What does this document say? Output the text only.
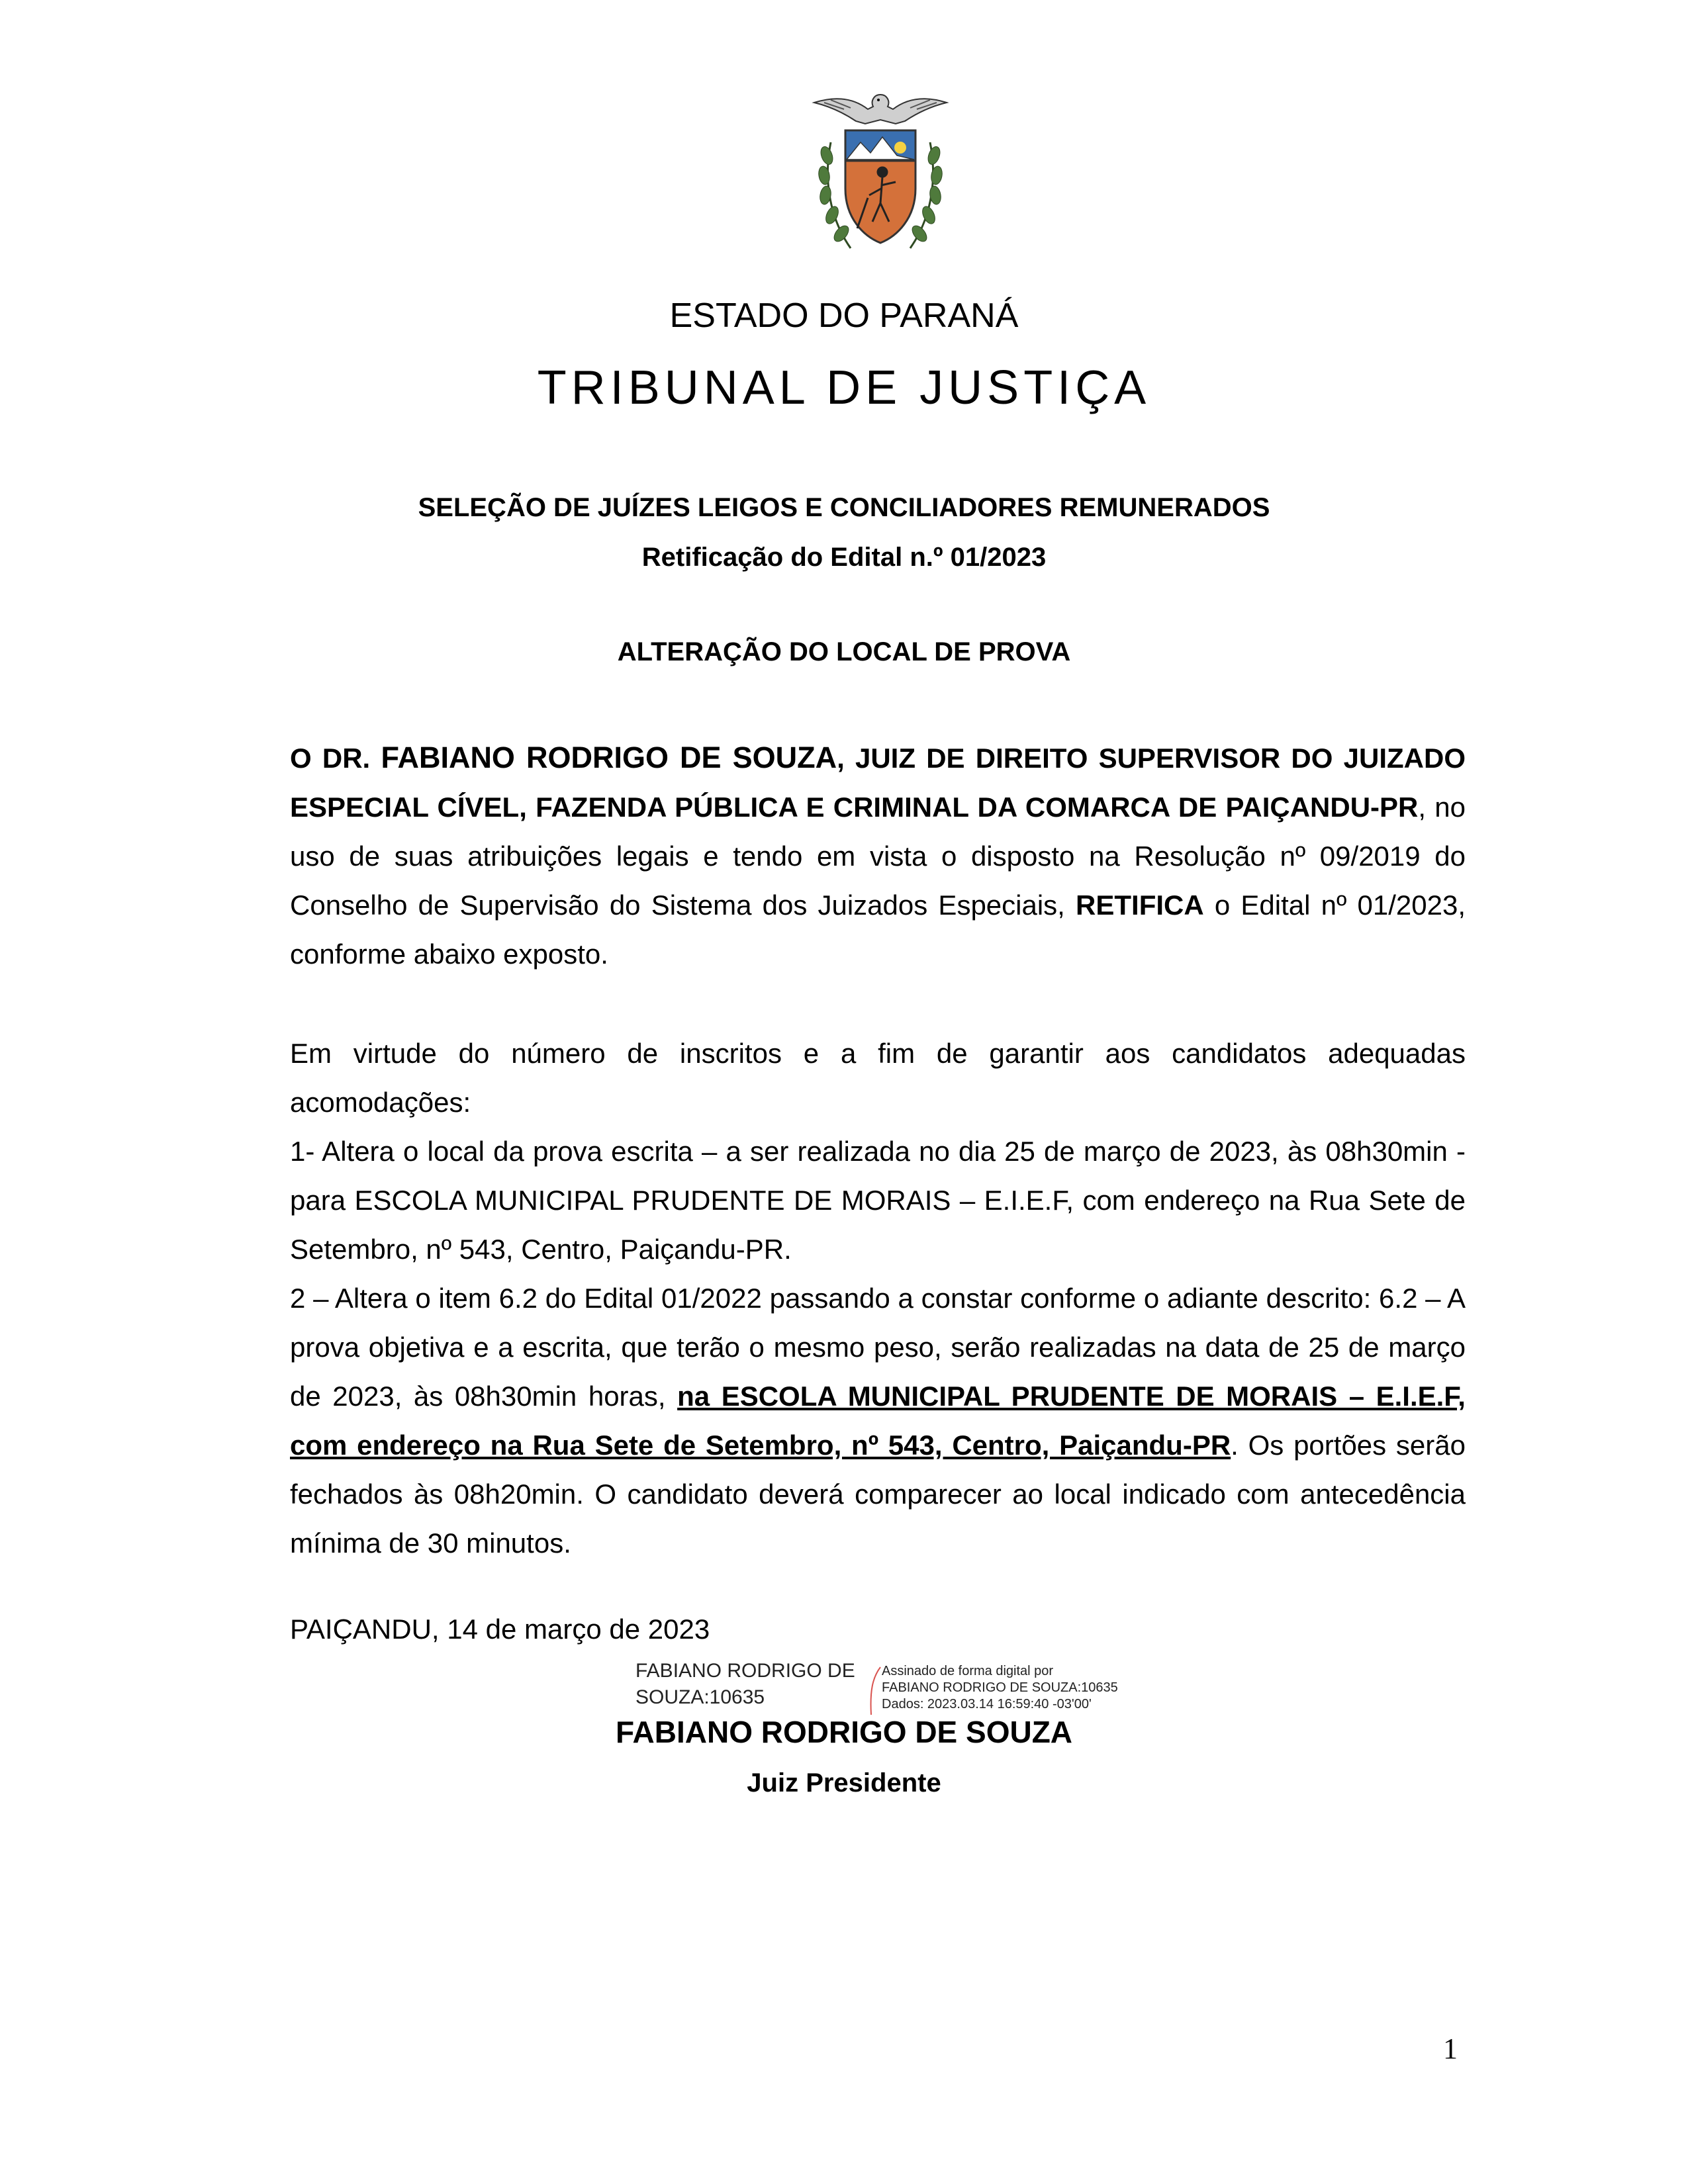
ESTADO DO PARANÁ
TRIBUNAL DE JUSTIÇA
SELEÇÃO DE JUÍZES LEIGOS E CONCILIADORES REMUNERADOS
Retificação do Edital n.º 01/2023
ALTERAÇÃO DO LOCAL DE PROVA
O DR. FABIANO RODRIGO DE SOUZA, JUIZ DE DIREITO SUPERVISOR DO JUIZADO ESPECIAL CÍVEL, FAZENDA PÚBLICA E CRIMINAL DA COMARCA DE PAIÇANDU-PR, no uso de suas atribuições legais e tendo em vista o disposto na Resolução nº 09/2019 do Conselho de Supervisão do Sistema dos Juizados Especiais, RETIFICA o Edital nº 01/2023, conforme abaixo exposto.
Em virtude do número de inscritos e a fim de garantir aos candidatos adequadas acomodações:
1- Altera o local da prova escrita – a ser realizada no dia 25 de março de 2023, às 08h30min - para ESCOLA MUNICIPAL PRUDENTE DE MORAIS – E.I.E.F, com endereço na Rua Sete de Setembro, nº 543, Centro, Paiçandu-PR.
2 – Altera o item 6.2 do Edital 01/2022 passando a constar conforme o adiante descrito: 6.2 – A prova objetiva e a escrita, que terão o mesmo peso, serão realizadas na data de 25 de março de 2023, às 08h30min horas, na ESCOLA MUNICIPAL PRUDENTE DE MORAIS – E.I.E.F, com endereço na Rua Sete de Setembro, nº 543, Centro, Paiçandu-PR. Os portões serão fechados às 08h20min. O candidato deverá comparecer ao local indicado com antecedência mínima de 30 minutos.
PAIÇANDU, 14 de março de 2023
FABIANO RODRIGO DE
SOUZA:10635
Assinado de forma digital por
FABIANO RODRIGO DE SOUZA:10635
Dados: 2023.03.14 16:59:40 -03'00'
FABIANO RODRIGO DE SOUZA
Juiz Presidente
1
